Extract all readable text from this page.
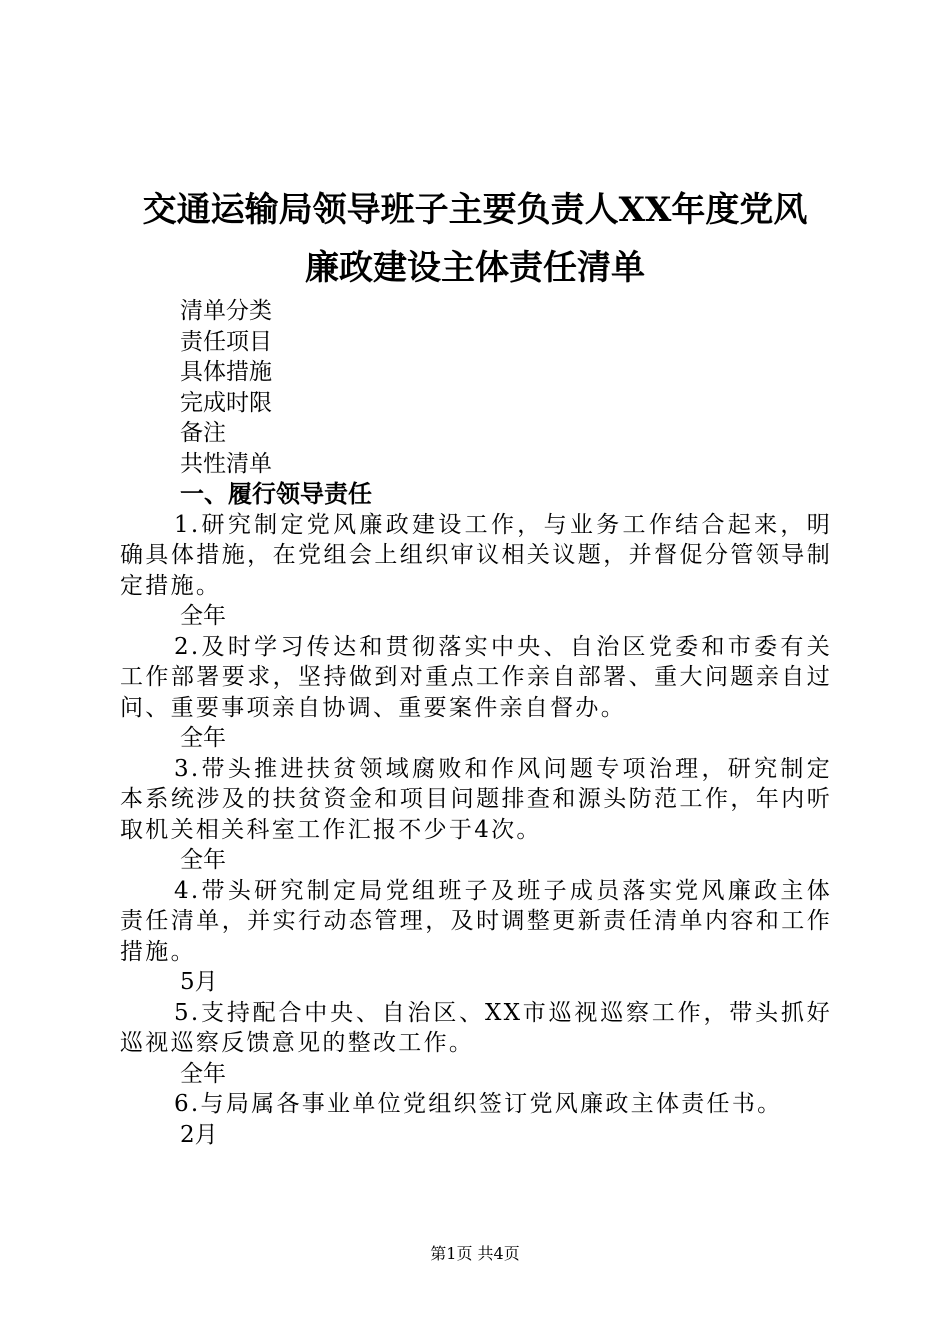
交通运输局领导班子主要负责人XX年度党风
廉政建设主体责任清单

清单分类

责任项目

具体措施

完成时限

备注

共性清单

一、履行领导责任

1.研究制定党风廉政建设工作，与业务工作结合起来，明确具体措施，在党组会上组织审议相关议题，并督促分管领导制定措施。

全年

2.及时学习传达和贯彻落实中央、自治区党委和市委有关工作部署要求，坚持做到对重点工作亲自部署、重大问题亲自过问、重要事项亲自协调、重要案件亲自督办。

全年

3.带头推进扶贫领域腐败和作风问题专项治理，研究制定本系统涉及的扶贫资金和项目问题排查和源头防范工作，年内听取机关相关科室工作汇报不少于4次。

全年

4.带头研究制定局党组班子及班子成员落实党风廉政主体责任清单，并实行动态管理，及时调整更新责任清单内容和工作措施。

5月

5.支持配合中央、自治区、XX市巡视巡察工作，带头抓好巡视巡察反馈意见的整改工作。

全年

6.与局属各事业单位党组织签订党风廉政主体责任书。

2月

第1页 共4页
